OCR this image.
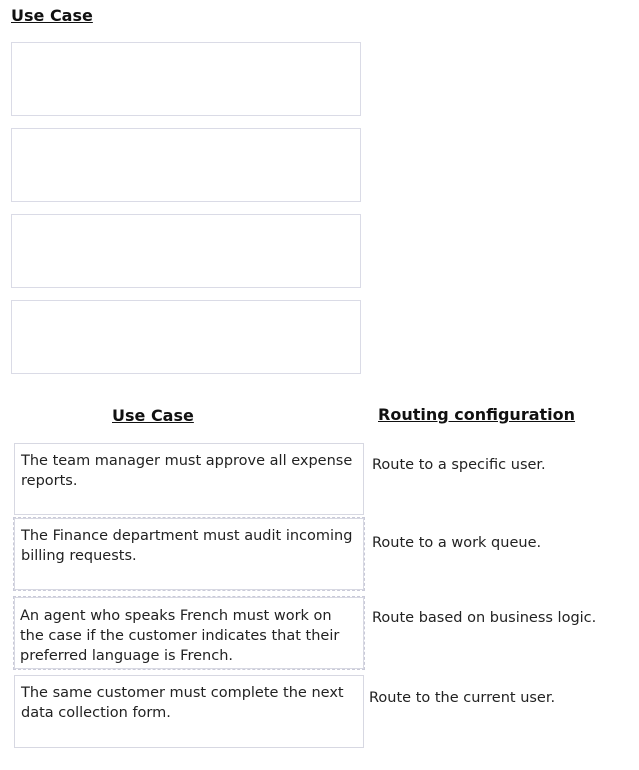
Use Case
Use Case	Routing configuration
The team manager must approve all expense reports.
The Finance department must audit incoming billing requests.
An agent who speaks French must work on the case if the customer indicates that their preferred language is French.
The same customer must complete the next data collection form.
Route to a specific user.
Route to a work queue.
Route based on business logic.
Route to the current user.
